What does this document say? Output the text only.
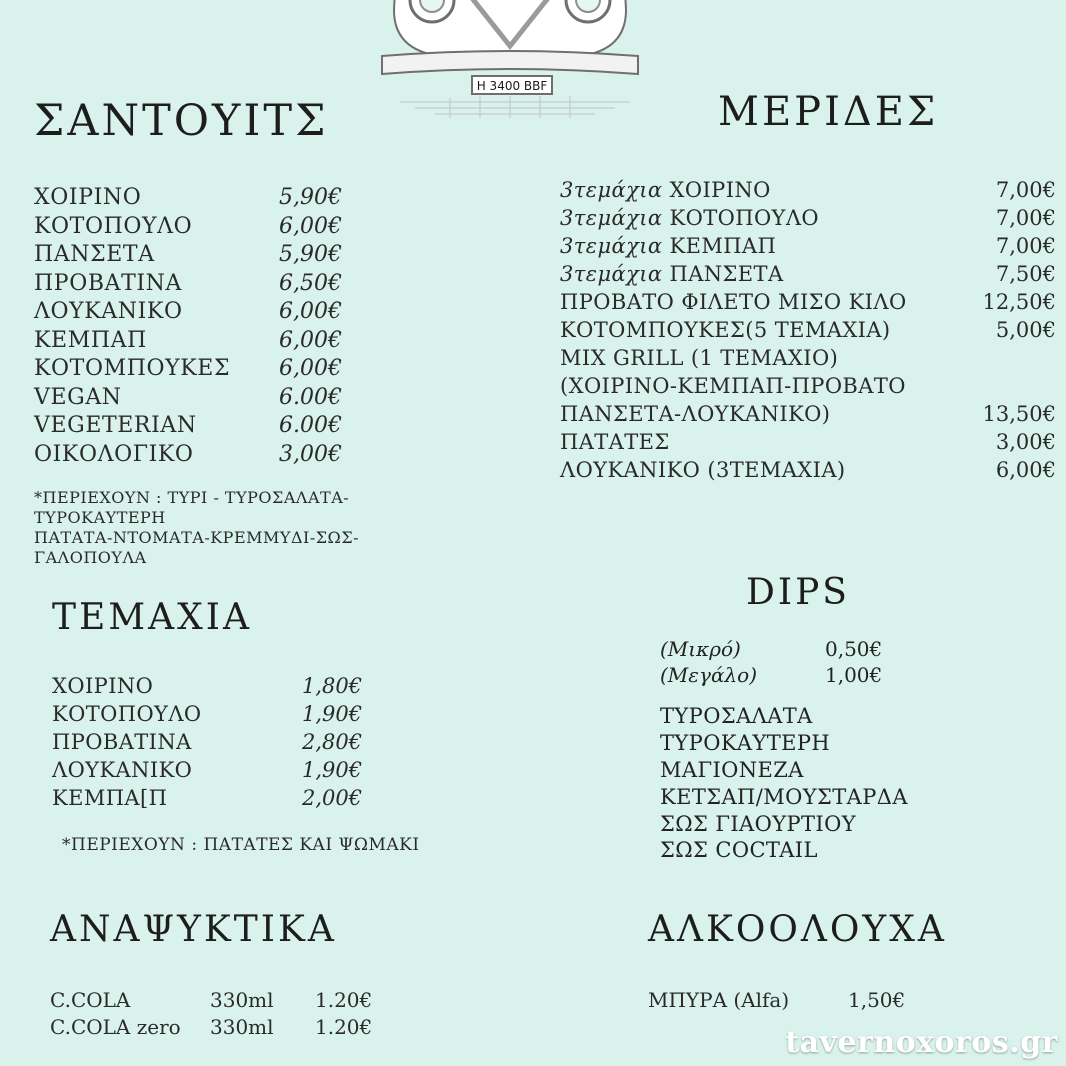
H 3400 BBF
ΣΑΝΤΟΥΙΤΣ
ΧΟΙΡΙΝΟ	5,90€
ΚΟΤΟΠΟΥΛΟ	6,00€
ΠΑΝΣΕΤΑ	5,90€
ΠΡΟΒΑΤΙΝΑ	6,50€
ΛΟΥΚΑΝΙΚΟ	6,00€
ΚΕΜΠΑΠ	6,00€
ΚΟΤΟΜΠΟΥΚΕΣ	6,00€
VEGAN	6.00€
VEGETERIAN	6.00€
ΟΙΚΟΛΟΓΙΚΟ	3,00€
*ΠΕΡΙΕΧΟΥΝ : ΤΥΡΙ - ΤΥΡΟΣΑΛΑΤΑ-ΤΥΡΟΚΑΥΤΕΡΗ
ΠΑΤΑΤΑ-ΝΤΟΜΑΤΑ-ΚΡΕΜΜΥΔΙ-ΣΩΣ-ΓΑΛΟΠΟΥΛΑ
ΜΕΡΙΔΕΣ
3τεμάχια ΧΟΙΡΙΝΟ	7,00€
3τεμάχια ΚΟΤΟΠΟΥΛΟ	7,00€
3τεμάχια ΚΕΜΠΑΠ	7,00€
3τεμάχια ΠΑΝΣΕΤΑ	7,50€
ΠΡΟΒΑΤΟ ΦΙΛΕΤΟ ΜΙΣΟ ΚΙΛΟ	12,50€
ΚΟΤΟΜΠΟΥΚΕΣ(5 ΤΕΜΑΧΙΑ)	5,00€
MIX GRILL (1 ΤΕΜΑΧΙΟ)
(ΧΟΙΡΙΝΟ-ΚΕΜΠΑΠ-ΠΡΟΒΑΤΟ
ΠΑΝΣΕΤΑ-ΛΟΥΚΑΝΙΚΟ)	13,50€
ΠΑΤΑΤΕΣ	3,00€
ΛΟΥΚΑΝΙΚΟ (3ΤΕΜΑΧΙΑ)	6,00€
ΤΕΜΑΧΙΑ
ΧΟΙΡΙΝΟ	1,80€
ΚΟΤΟΠΟΥΛΟ	1,90€
ΠΡΟΒΑΤΙΝΑ	2,80€
ΛΟΥΚΑΝΙΚΟ	1,90€
ΚΕΜΠΑ[Π	2,00€
*ΠΕΡΙΕΧΟΥΝ : ΠΑΤΑΤΕΣ ΚΑΙ ΨΩΜΑΚΙ
DIPS
(Μικρό)	0,50€
(Μεγάλο)	1,00€
ΤΥΡΟΣΑΛΑΤΑ
ΤΥΡΟΚΑΥΤΕΡΗ
ΜΑΓΙΟΝΕΖΑ
ΚΕΤΣΑΠ/ΜΟΥΣΤΑΡΔΑ
ΣΩΣ ΓΙΑΟΥΡΤΙΟΥ
ΣΩΣ COCTAIL
ΑΝΑΨΥΚΤΙΚΑ
C.COLA	330ml	1.20€
C.COLA zero	330ml	1.20€
ΑΛΚΟΟΛΟΥΧΑ
ΜΠΥΡΑ (Alfa)	1,50€
tavernoxoros.gr
